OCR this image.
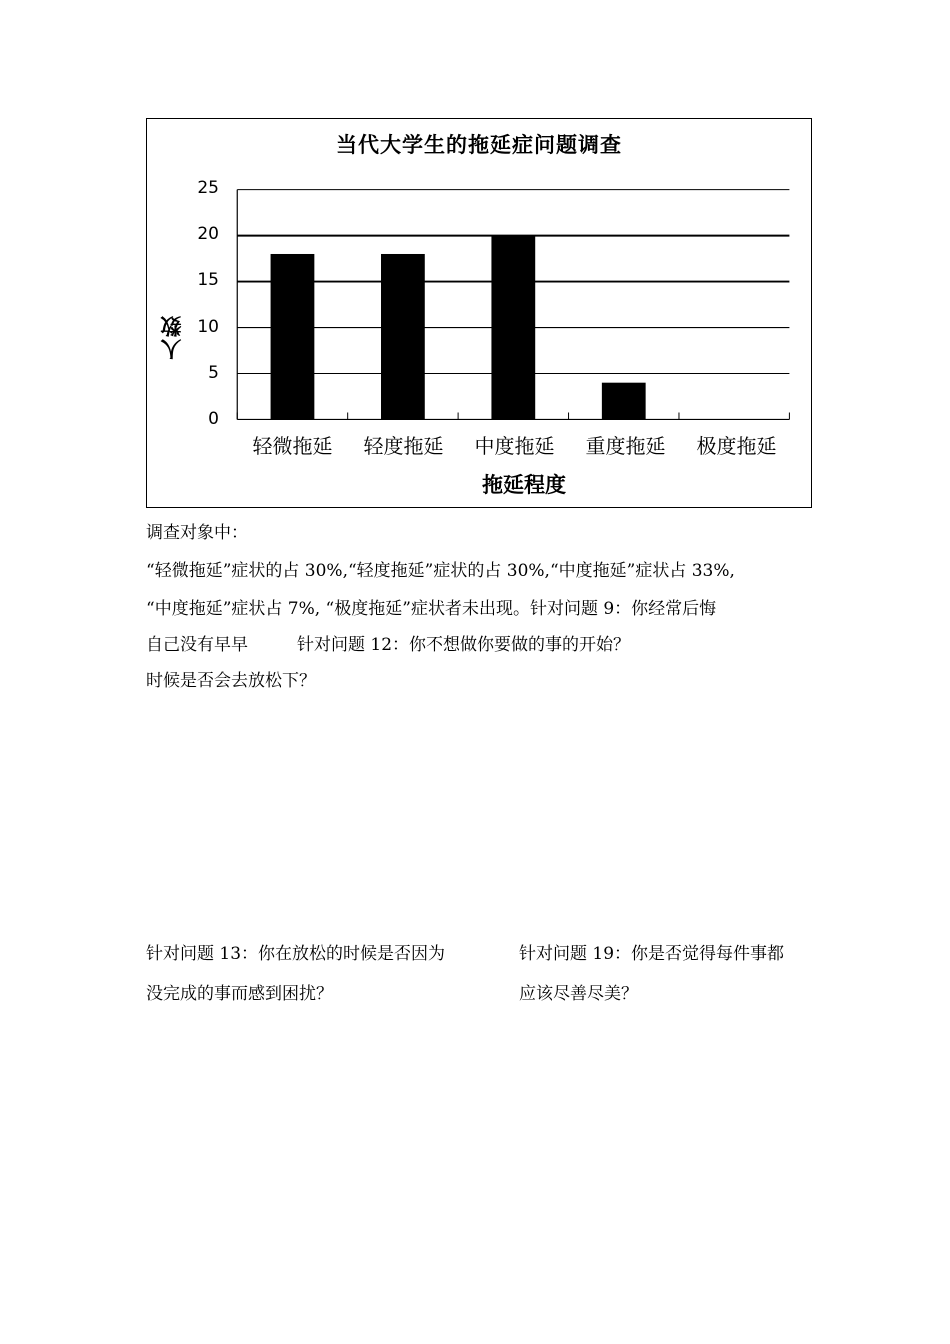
当代大学生的拖延症问题调查
人数
拖延程度
0
5
10
15
20
25
轻微拖延	轻度拖延	中度拖延	重度拖延	极度拖延
调查对象中：
“轻微拖延”症状的占 30%,“轻度拖延”症状的占 30%,“中度拖延”症状占 33%,
“中度拖延”症状占 7%, “极度拖延”症状者未出现。针对问题 9：你经常后悔
自己没有早早	针对问题 12：你不想做你要做的事的开始？
时候是否会去放松下？
针对问题 13：你在放松的时候是否因为
没完成的事而感到困扰？
针对问题 19：你是否觉得每件事都
应该尽善尽美？
